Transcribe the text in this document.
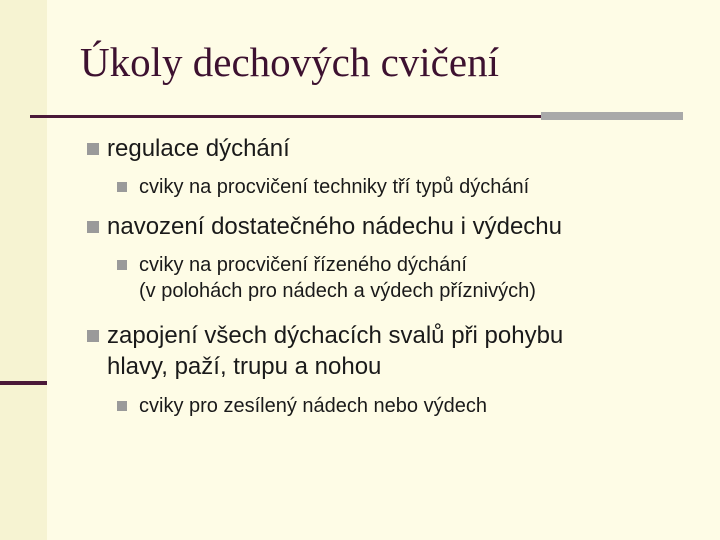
Úkoly dechových cvičení
regulace dýchání
cviky na procvičení techniky tří typů dýchání
navození dostatečného nádechu i výdechu
cviky na procvičení řízeného dýchání
(v polohách pro nádech a výdech příznivých)
zapojení všech dýchacích svalů při pohybu
hlavy, paží, trupu a nohou
cviky pro zesílený nádech nebo výdech
